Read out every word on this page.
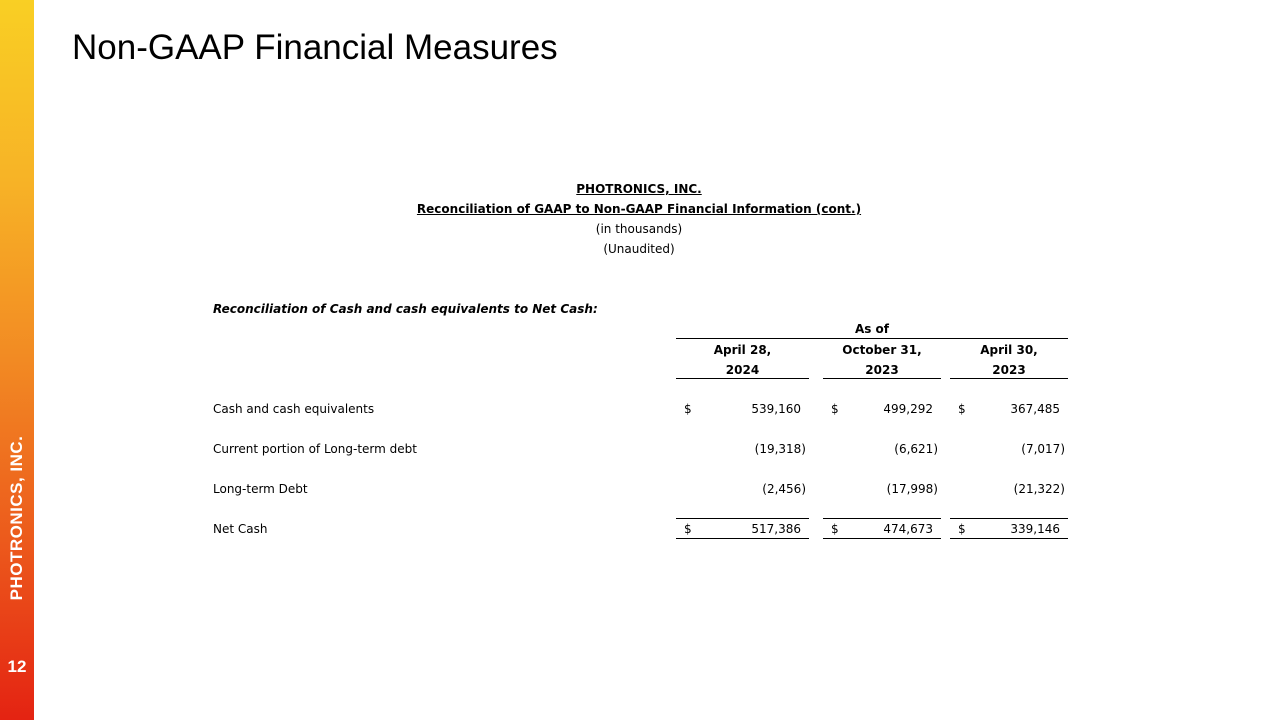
PHOTRONICS, INC.
12
Non-GAAP Financial Measures
PHOTRONICS, INC.
Reconciliation of GAAP to Non-GAAP Financial Information (cont.)
(in thousands)
(Unaudited)
Reconciliation of Cash and cash equivalents to Net Cash:
As of
April 28,
2024
October 31,
2023
April 30,
2023
Cash and cash equivalents	$	539,160	$	499,292 $	367,485
Current portion of Long-term debt	(19,318)	(6,621)	(7,017)
Long-term Debt	(2,456)	(17,998)	(21,322)
Net Cash	$	517,386	$	474,673 $	339,146
